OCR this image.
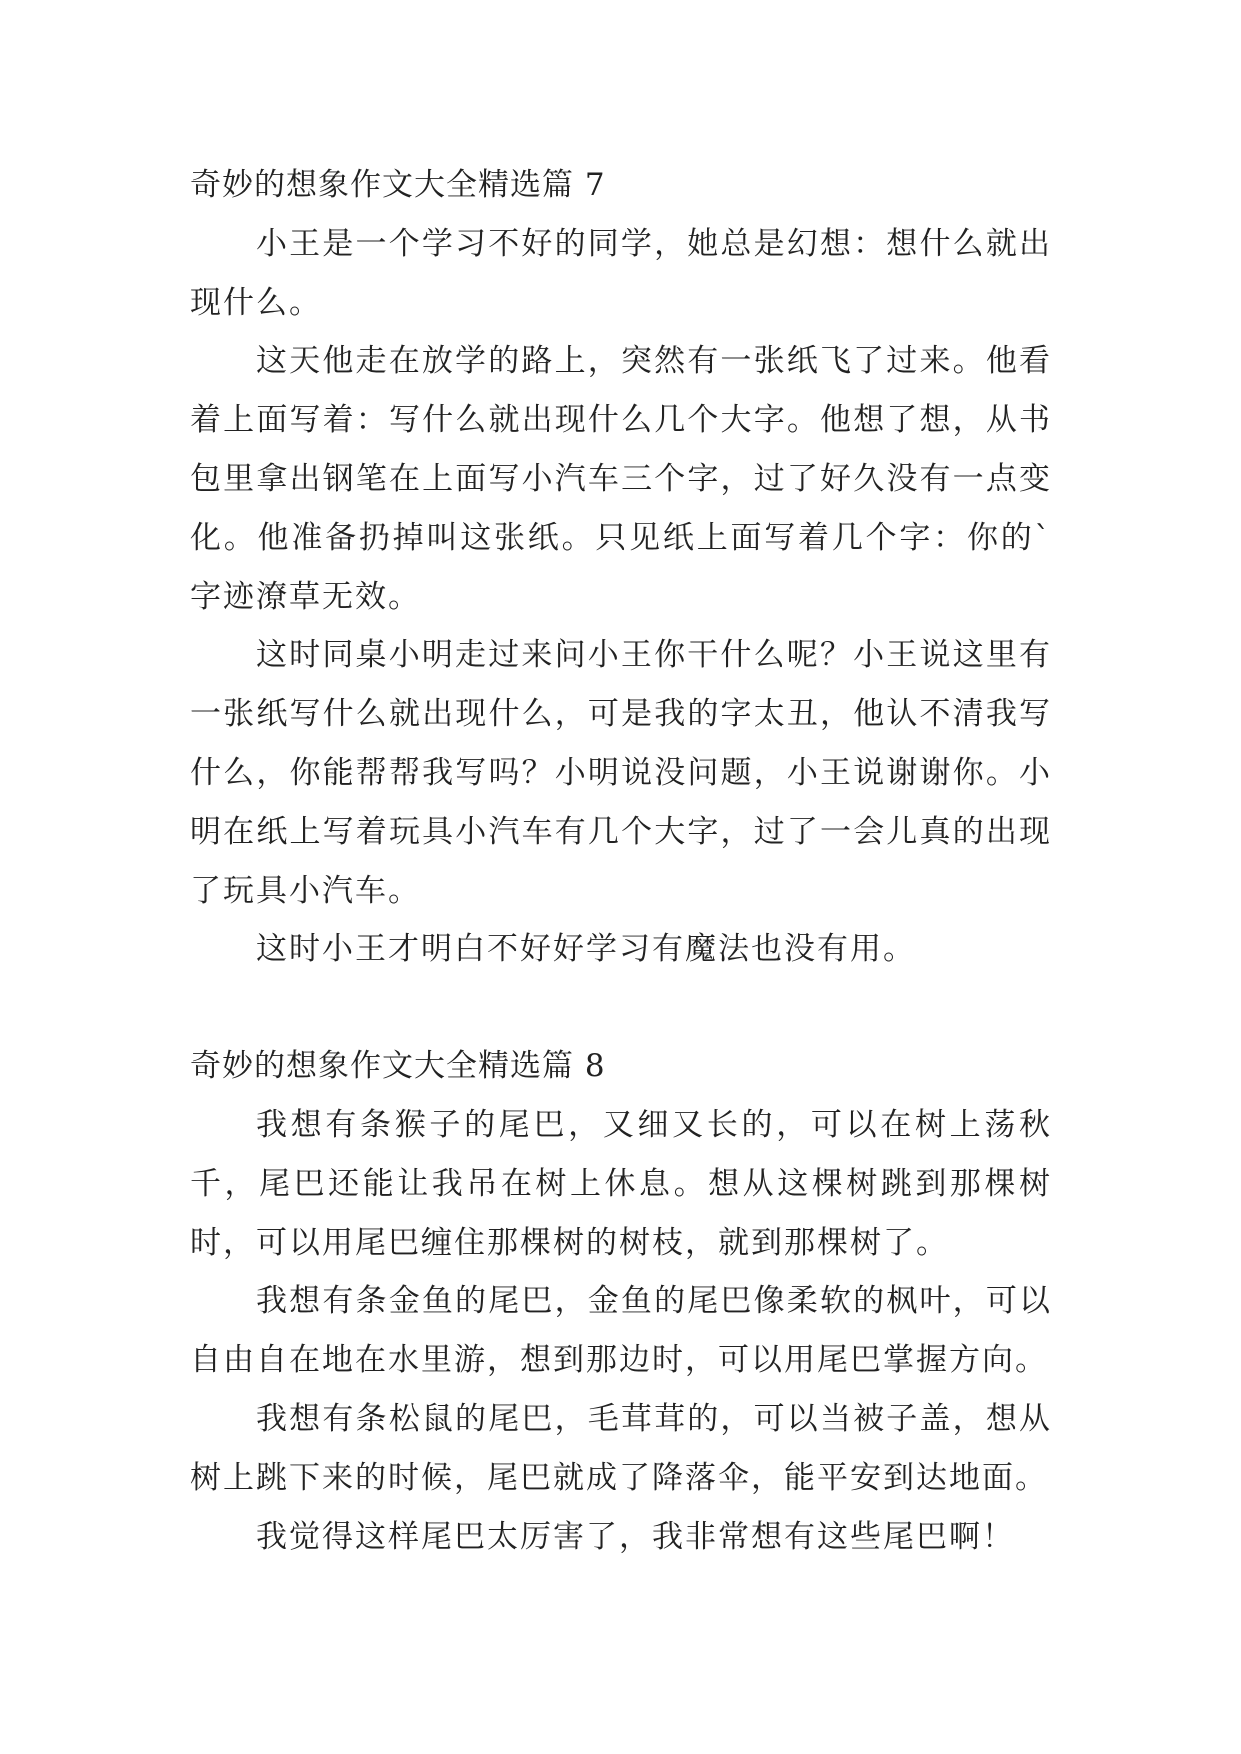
奇妙的想象作文大全精选篇 7

小王是一个学习不好的同学，她总是幻想：想什么就出现什么。

这天他走在放学的路上，突然有一张纸飞了过来。他看着上面写着：写什么就出现什么几个大字。他想了想，从书包里拿出钢笔在上面写小汽车三个字，过了好久没有一点变化。他准备扔掉叫这张纸。只见纸上面写着几个字：你的`字迹潦草无效。

这时同桌小明走过来问小王你干什么呢？小王说这里有一张纸写什么就出现什么，可是我的字太丑，他认不清我写什么，你能帮帮我写吗？小明说没问题，小王说谢谢你。小明在纸上写着玩具小汽车有几个大字，过了一会儿真的出现了玩具小汽车。

这时小王才明白不好好学习有魔法也没有用。

奇妙的想象作文大全精选篇 8

我想有条猴子的尾巴，又细又长的，可以在树上荡秋千，尾巴还能让我吊在树上休息。想从这棵树跳到那棵树时，可以用尾巴缠住那棵树的树枝，就到那棵树了。

我想有条金鱼的尾巴，金鱼的尾巴像柔软的枫叶，可以自由自在地在水里游，想到那边时，可以用尾巴掌握方向。

我想有条松鼠的尾巴，毛茸茸的，可以当被子盖，想从树上跳下来的时候，尾巴就成了降落伞，能平安到达地面。

我觉得这样尾巴太厉害了，我非常想有这些尾巴啊！
